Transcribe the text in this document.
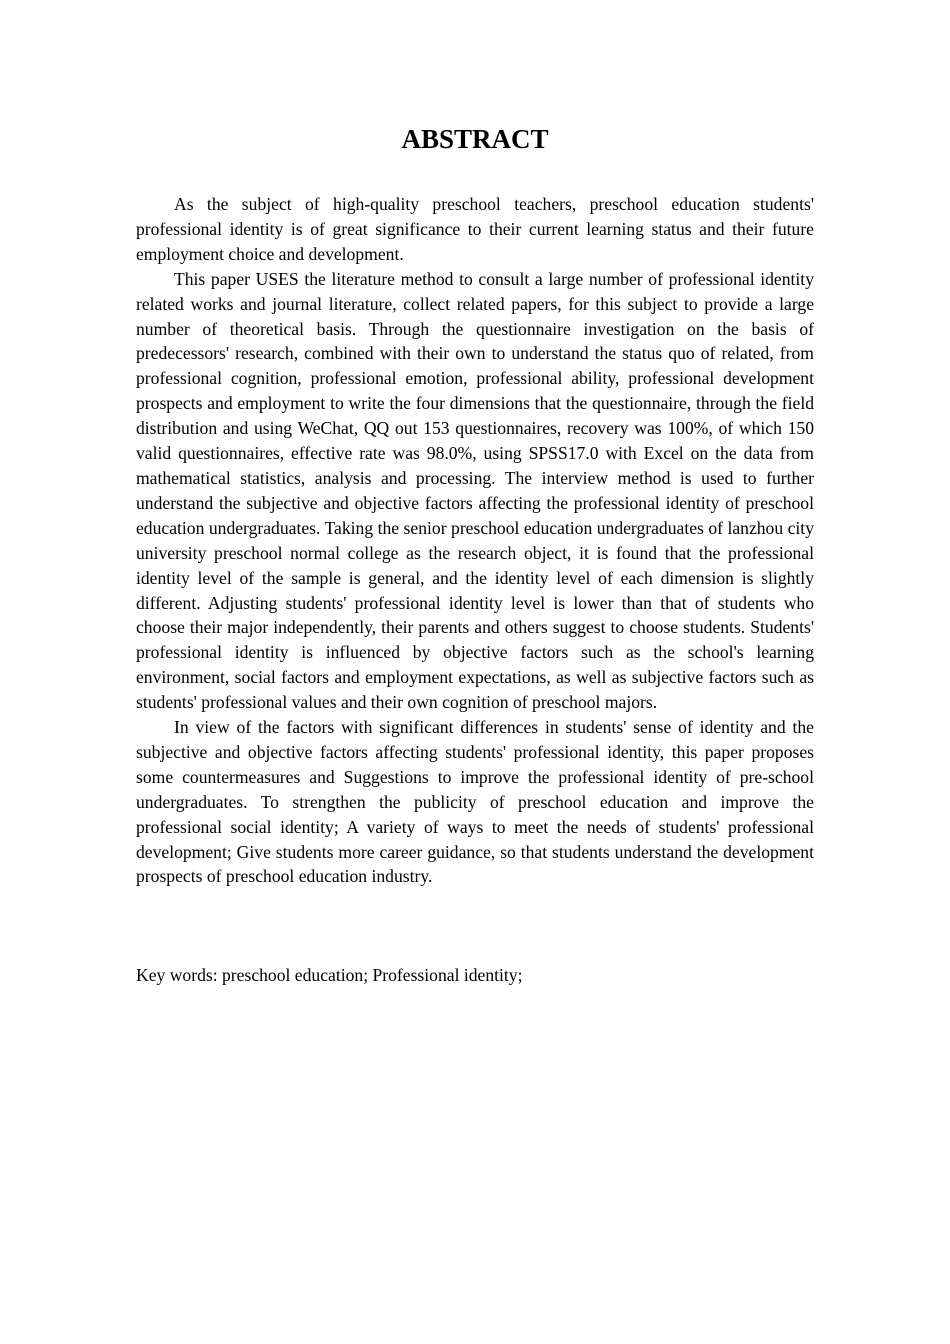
ABSTRACT

As the subject of high-quality preschool teachers, preschool education students' professional identity is of great significance to their current learning status and their future employment choice and development.

This paper USES the literature method to consult a large number of professional identity related works and journal literature, collect related papers, for this subject to provide a large number of theoretical basis. Through the questionnaire investigation on the basis of predecessors' research, combined with their own to understand the status quo of related, from professional cognition, professional emotion, professional ability, professional development prospects and employment to write the four dimensions that the questionnaire, through the field distribution and using WeChat, QQ out 153 questionnaires, recovery was 100%, of which 150 valid questionnaires, effective rate was 98.0%, using SPSS17.0 with Excel on the data from mathematical statistics, analysis and processing. The interview method is used to further understand the subjective and objective factors affecting the professional identity of preschool education undergraduates. Taking the senior preschool education undergraduates of lanzhou city university preschool normal college as the research object, it is found that the professional identity level of the sample is general, and the identity level of each dimension is slightly different. Adjusting students' professional identity level is lower than that of students who choose their major independently, their parents and others suggest to choose students. Students' professional identity is influenced by objective factors such as the school's learning environment, social factors and employment expectations, as well as subjective factors such as students' professional values and their own cognition of preschool majors.

In view of the factors with significant differences in students' sense of identity and the subjective and objective factors affecting students' professional identity, this paper proposes some countermeasures and Suggestions to improve the professional identity of pre-school undergraduates. To strengthen the publicity of preschool education and improve the professional social identity; A variety of ways to meet the needs of students' professional development; Give students more career guidance, so that students understand the development prospects of preschool education industry.

Key words: preschool education; Professional identity;
